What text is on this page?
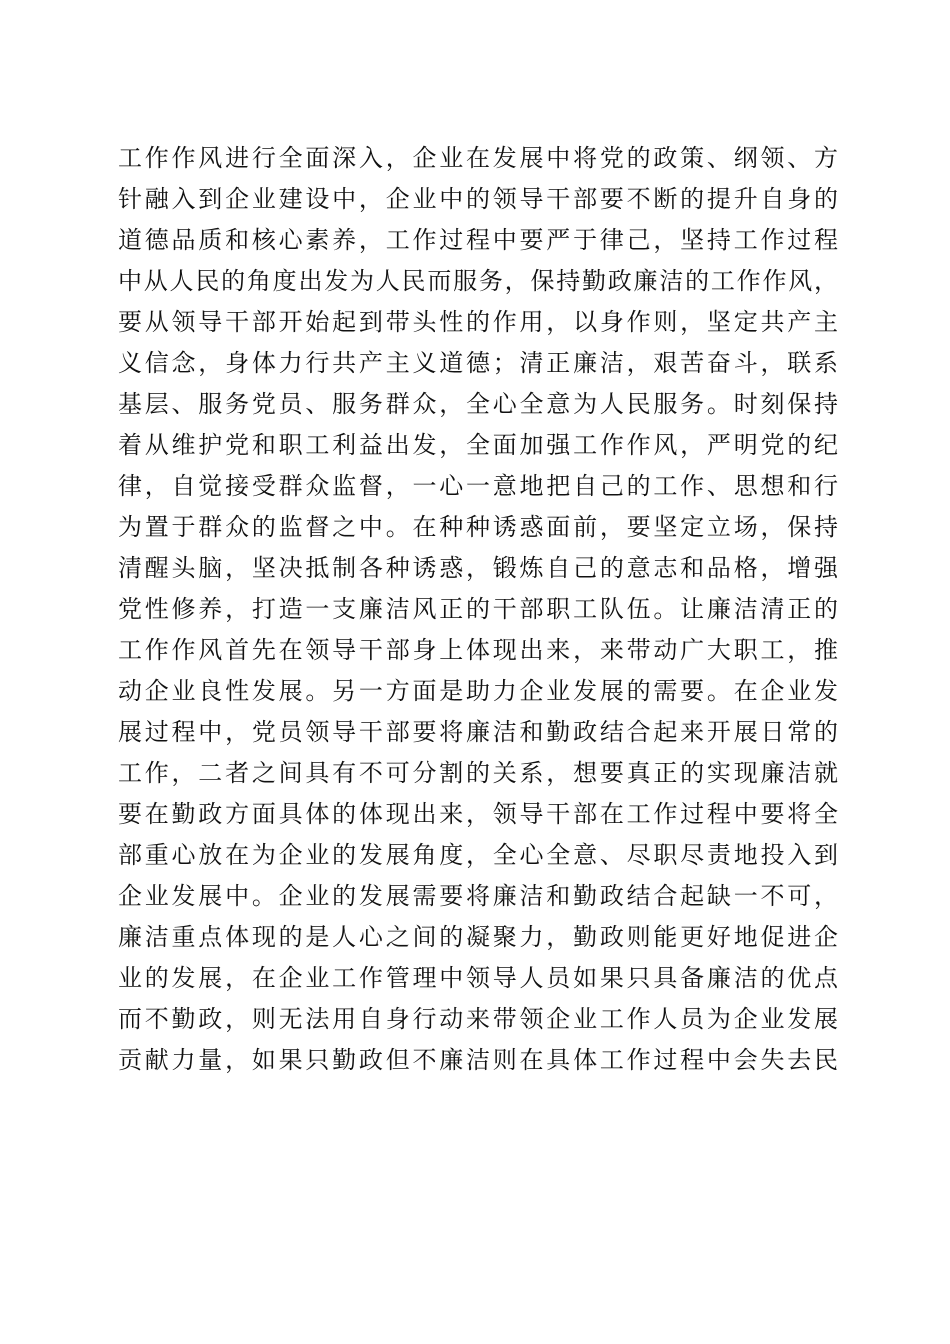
工作作风进行全面深入，企业在发展中将党的政策、纲领、方
针融入到企业建设中，企业中的领导干部要不断的提升自身的
道德品质和核心素养，工作过程中要严于律己，坚持工作过程
中从人民的角度出发为人民而服务，保持勤政廉洁的工作作风，
要从领导干部开始起到带头性的作用，以身作则，坚定共产主
义信念，身体力行共产主义道德；清正廉洁，艰苦奋斗，联系
基层、服务党员、服务群众，全心全意为人民服务。时刻保持
着从维护党和职工利益出发，全面加强工作作风，严明党的纪
律，自觉接受群众监督，一心一意地把自己的工作、思想和行
为置于群众的监督之中。在种种诱惑面前，要坚定立场，保持
清醒头脑，坚决抵制各种诱惑，锻炼自己的意志和品格，增强
党性修养，打造一支廉洁风正的干部职工队伍。让廉洁清正的
工作作风首先在领导干部身上体现出来，来带动广大职工，推
动企业良性发展。另一方面是助力企业发展的需要。在企业发
展过程中，党员领导干部要将廉洁和勤政结合起来开展日常的
工作，二者之间具有不可分割的关系，想要真正的实现廉洁就
要在勤政方面具体的体现出来，领导干部在工作过程中要将全
部重心放在为企业的发展角度，全心全意、尽职尽责地投入到
企业发展中。企业的发展需要将廉洁和勤政结合起缺一不可，
廉洁重点体现的是人心之间的凝聚力，勤政则能更好地促进企
业的发展，在企业工作管理中领导人员如果只具备廉洁的优点
而不勤政，则无法用自身行动来带领企业工作人员为企业发展
贡献力量，如果只勤政但不廉洁则在具体工作过程中会失去民
